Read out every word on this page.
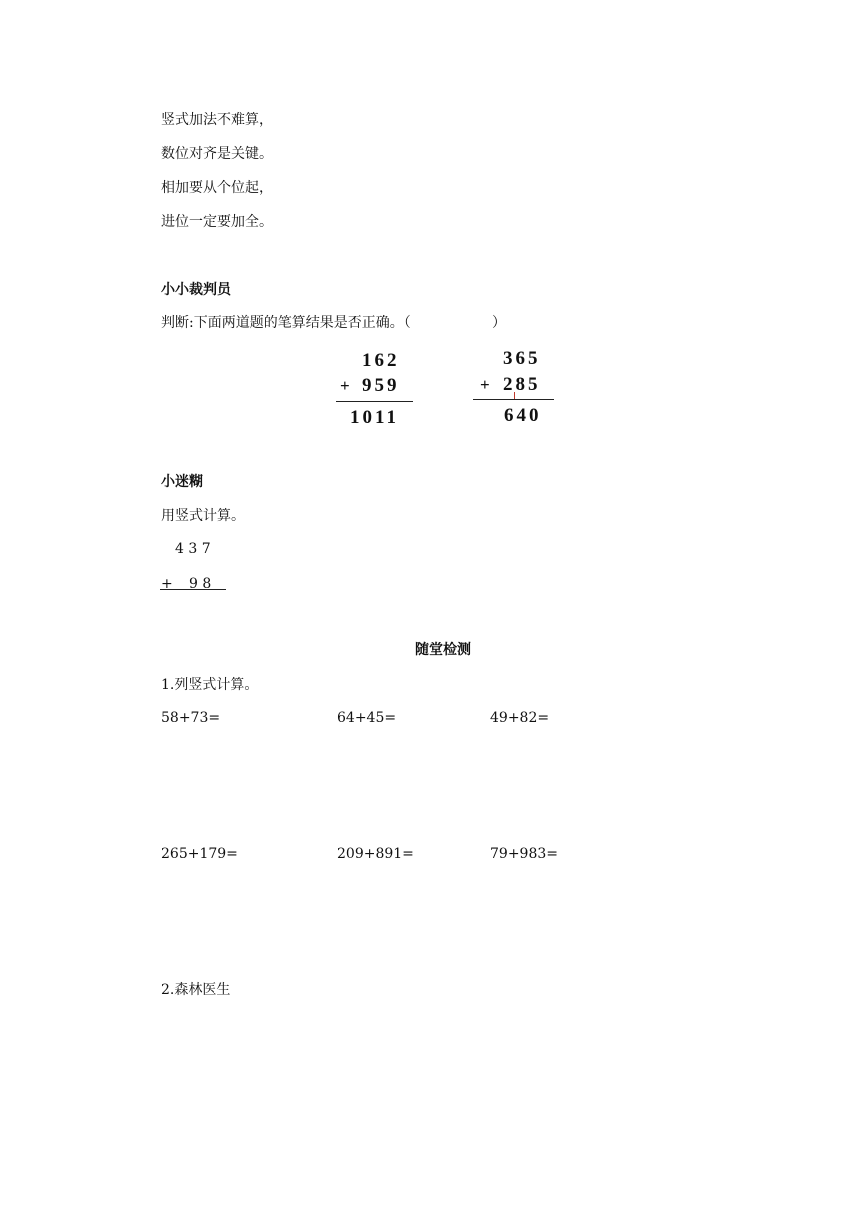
竖式加法不难算，
数位对齐是关键。
相加要从个位起，
进位一定要加全。
小小裁判员
判断:下面两道题的笔算结果是否正确。（	）
162
+ 959
1011
365
+ 285
640
小迷糊
用竖式计算。
4 3 7
+ 9 8
随堂检测
1.列竖式计算。
58+73=	64+45=	49+82=
265+179=	209+891=	79+983=
2.森林医生
